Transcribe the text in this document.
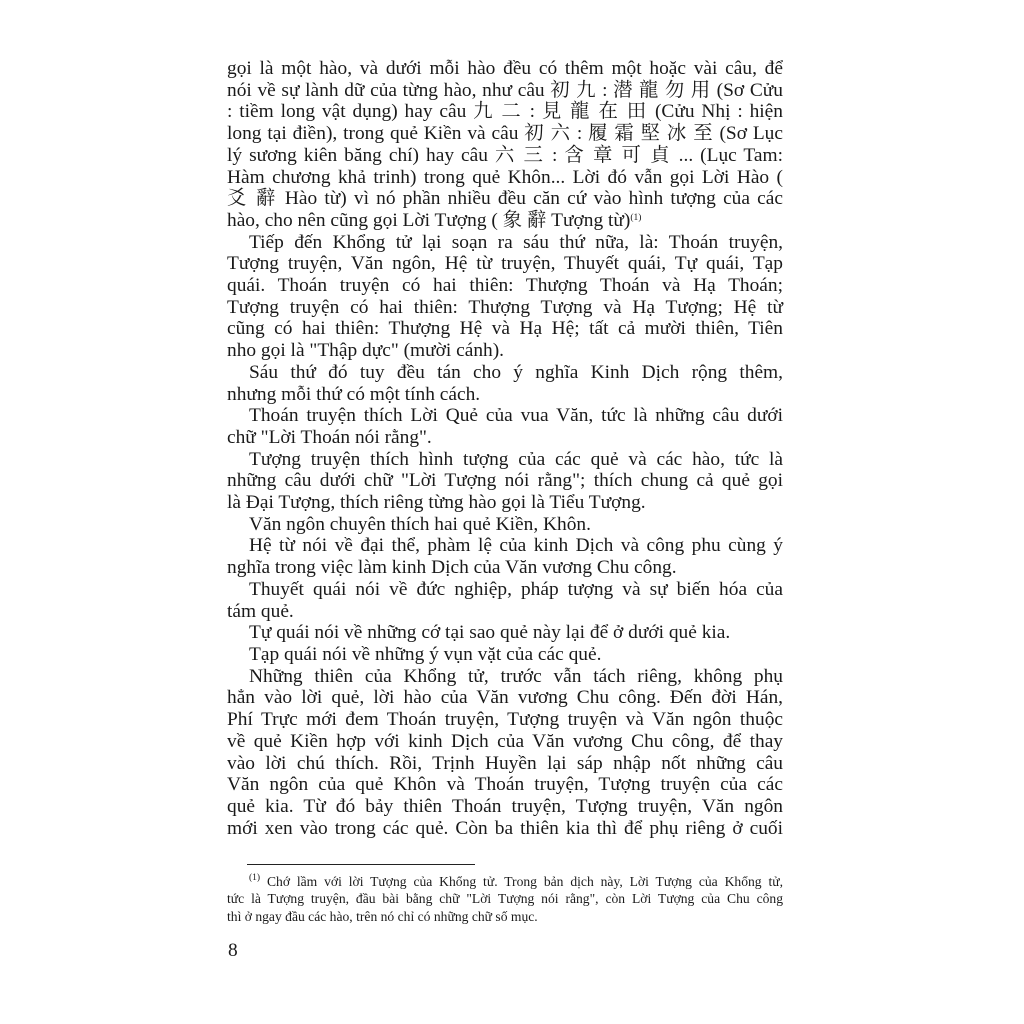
gọi là một hào, và dưới mỗi hào đều có thêm một hoặc vài câu, để
nói về sự lành dữ của từng hào, như câu 初 九 : 潜 龍 勿 用 (Sơ Cửu
: tiềm long vật dụng) hay câu 九 二 : 見 龍 在 田 (Cửu Nhị : hiện
long tại điền), trong quẻ Kiền và câu 初 六 : 履 霜 堅 冰 至 (Sơ Lục
lý sương kiên băng chí) hay câu 六 三 : 含 章 可 貞 ... (Lục Tam:
Hàm chương khả trinh) trong quẻ Khôn... Lời đó vẫn gọi Lời Hào (
爻 辭 Hào từ) vì nó phần nhiều đều căn cứ vào hình tượng của các
hào, cho nên cũng gọi Lời Tượng ( 象 辭 Tượng từ)$^{(1)}$

Tiếp đến Khổng tử lại soạn ra sáu thứ nữa, là: Thoán truyện,
Tượng truyện, Văn ngôn, Hệ từ truyện, Thuyết quái, Tự quái, Tạp
quái. Thoán truyện có hai thiên: Thượng Thoán và Hạ Thoán;
Tượng truyện có hai thiên: Thượng Tượng và Hạ Tượng; Hệ từ
cũng có hai thiên: Thượng Hệ và Hạ Hệ; tất cả mười thiên, Tiên
nho gọi là "Thập dực" (mười cánh).

Sáu thứ đó tuy đều tán cho ý nghĩa Kinh Dịch rộng thêm,
nhưng mỗi thứ có một tính cách.

Thoán truyện thích Lời Quẻ của vua Văn, tức là những câu dưới
chữ "Lời Thoán nói rằng".

Tượng truyện thích hình tượng của các quẻ và các hào, tức là
những câu dưới chữ "Lời Tượng nói rằng"; thích chung cả quẻ gọi
là Đại Tượng, thích riêng từng hào gọi là Tiểu Tượng.

Văn ngôn chuyên thích hai quẻ Kiền, Khôn.

Hệ từ nói về đại thể, phàm lệ của kinh Dịch và công phu cùng ý
nghĩa trong việc làm kinh Dịch của Văn vương Chu công.

Thuyết quái nói về đức nghiệp, pháp tượng và sự biến hóa của
tám quẻ.

Tự quái nói về những cớ tại sao quẻ này lại để ở dưới quẻ kia.

Tạp quái nói về những ý vụn vặt của các quẻ.

Những thiên của Khổng tử, trước vẫn tách riêng, không phụ
hẳn vào lời quẻ, lời hào của Văn vương Chu công. Đến đời Hán,
Phí Trực mới đem Thoán truyện, Tượng truyện và Văn ngôn thuộc
về quẻ Kiền hợp với kinh Dịch của Văn vương Chu công, để thay
vào lời chú thích. Rồi, Trịnh Huyền lại sáp nhập nốt những câu
Văn ngôn của quẻ Khôn và Thoán truyện, Tượng truyện của các
quẻ kia. Từ đó bảy thiên Thoán truyện, Tượng truyện, Văn ngôn
mới xen vào trong các quẻ. Còn ba thiên kia thì để phụ riêng ở cuối

$^{(1)}$ Chớ lầm với lời Tượng của Khổng tử. Trong bản dịch này, Lời Tượng của Khổng tử,
tức là Tượng truyện, đầu bài bằng chữ "Lời Tượng nói rằng", còn Lời Tượng của Chu công
thì ở ngay đầu các hào, trên nó chỉ có những chữ số mục.
8
